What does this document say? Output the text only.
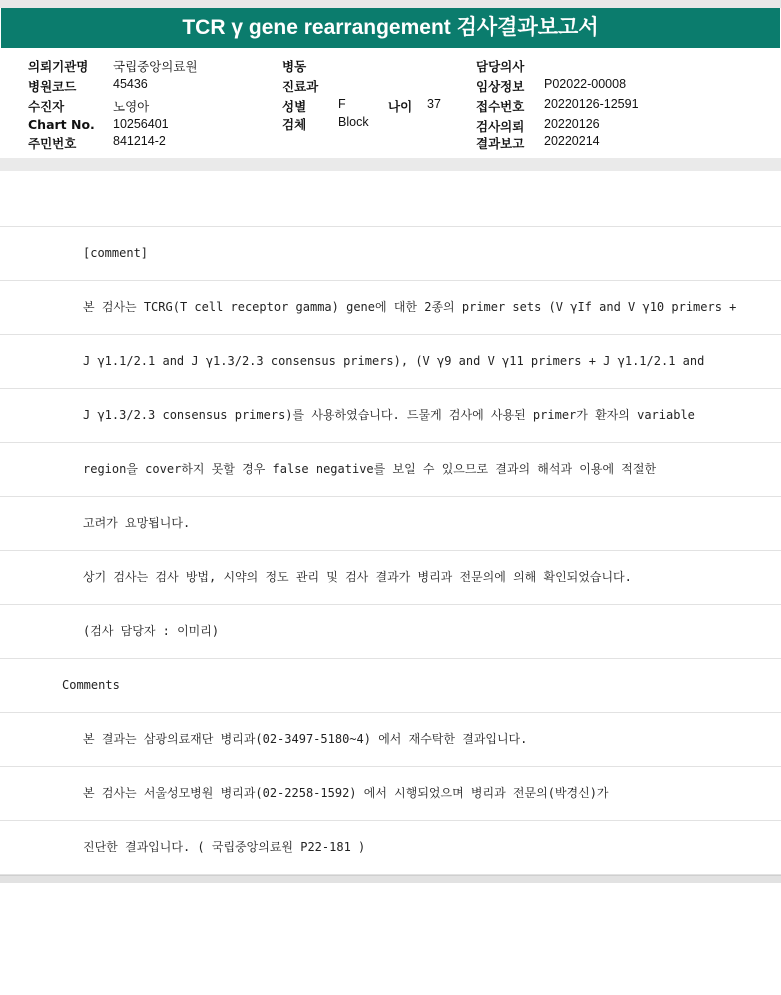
TCR γ gene rearrangement 검사결과보고서
의뢰기관명 국립중앙의료원
병원코드	45436
수진자	노영아
Chart No. 10256401
주민번호	841214-2
병동
진료과
성별	F	나이 37
검체	Block
담당의사
임상정보 P02022-00008
접수번호 20220126-12591
검사의뢰 20220126
결과보고 20220214
[comment]
본 검사는 TCRG(T cell receptor gamma) gene에 대한 2종의 primer sets (V γIf and V γ10 primers +
J γ1.1/2.1 and J γ1.3/2.3 consensus primers), (V γ9 and V γ11 primers + J γ1.1/2.1 and
J γ1.3/2.3 consensus primers)를 사용하였습니다. 드물게 검사에 사용된 primer가 환자의 variable
region을 cover하지 못할 경우 false negative를 보일 수 있으므로 결과의 해석과 이용에 적절한
고려가 요망됩니다.
상기 검사는 검사 방법, 시약의 정도 관리 및 검사 결과가 병리과 전문의에 의해 확인되었습니다.
(검사 담당자 : 이미리)
Comments
본 결과는 삼광의료재단 병리과(02-3497-5180~4) 에서 재수탁한 결과입니다.
본 검사는 서울성모병원 병리과(02-2258-1592) 에서 시행되었으며 병리과 전문의(박경신)가
진단한 결과입니다. ( 국립중앙의료원 P22-181 )
